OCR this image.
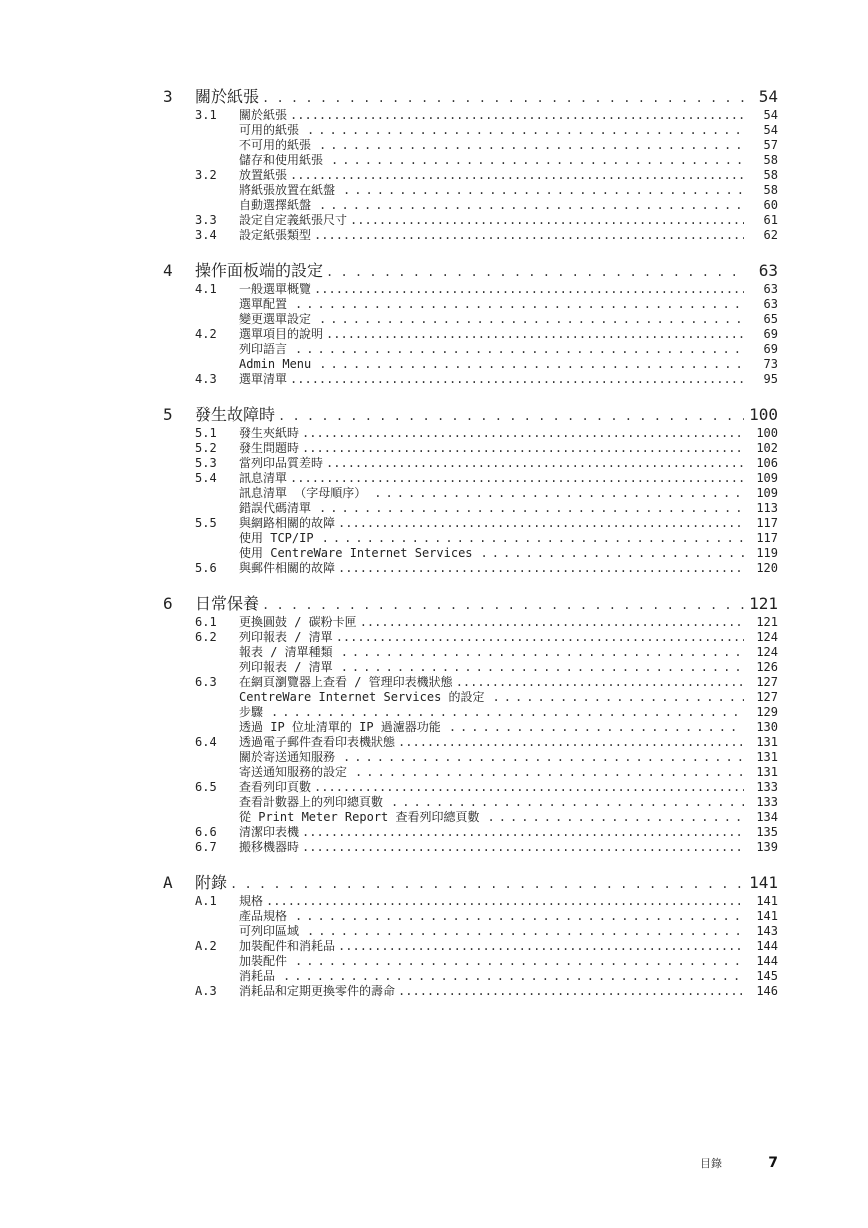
3	關於紙張 . . .	54
3.1	關於紙張 .....	54
可用的紙張 . . .	54
不可用的紙張 . . .	57
儲存和使用紙張 . . .	58
3.2	放置紙張 .....	58
將紙張放置在紙盤 . . .	58
自動選擇紙盤 . . .	60
3.3	設定自定義紙張尺寸 .....	61
3.4	設定紙張類型 .....	62
4	操作面板端的設定 . . .	63
4.1	一般選單概覽 .....	63
選單配置 . . .	63
變更選單設定 . . .	65
4.2	選單項目的說明 .....	69
列印語言 . . .	69
Admin Menu . . .	73
4.3	選單清單 .....	95
5	發生故障時 . . .	100
5.1	發生夾紙時 .....	100
5.2	發生問題時 .....	102
5.3	當列印品質差時 .....	106
5.4	訊息清單 .....	109
訊息清單 （字母順序） . . .	109
錯誤代碼清單 . . .	113
5.5	與網路相關的故障 .....	117
使用 TCP/IP . . .	117
使用 CentreWare Internet Services . . .	119
5.6	與郵件相關的故障 .....	120
6	日常保養 . . .	121
6.1	更換圓鼓 / 碳粉卡匣 .....	121
6.2	列印報表 / 清單 .....	124
報表 / 清單種類 . . .	124
列印報表 / 清單 . . .	126
6.3	在網頁瀏覽器上查看 / 管理印表機狀態 .....	127
CentreWare Internet Services 的設定 . . .	127
步驟 . . .	129
透過 IP 位址清單的 IP 過濾器功能 . . .	130
6.4	透過電子郵件查看印表機狀態 .....	131
關於寄送通知服務 . . .	131
寄送通知服務的設定 . . .	131
6.5	查看列印頁數 .....	133
查看計數器上的列印總頁數 . . .	133
從 Print Meter Report 查看列印總頁數 . . .	134
6.6	清潔印表機 .....	135
6.7	搬移機器時 .....	139
A	附錄 . . .	141
A.1	規格 .....	141
產品規格 . . .	141
可列印區域 . . .	143
A.2	加裝配件和消耗品 .....	144
加裝配件 . . .	144
消耗品 . . .	145
A.3	消耗品和定期更換零件的壽命 .....	146
目錄	7
